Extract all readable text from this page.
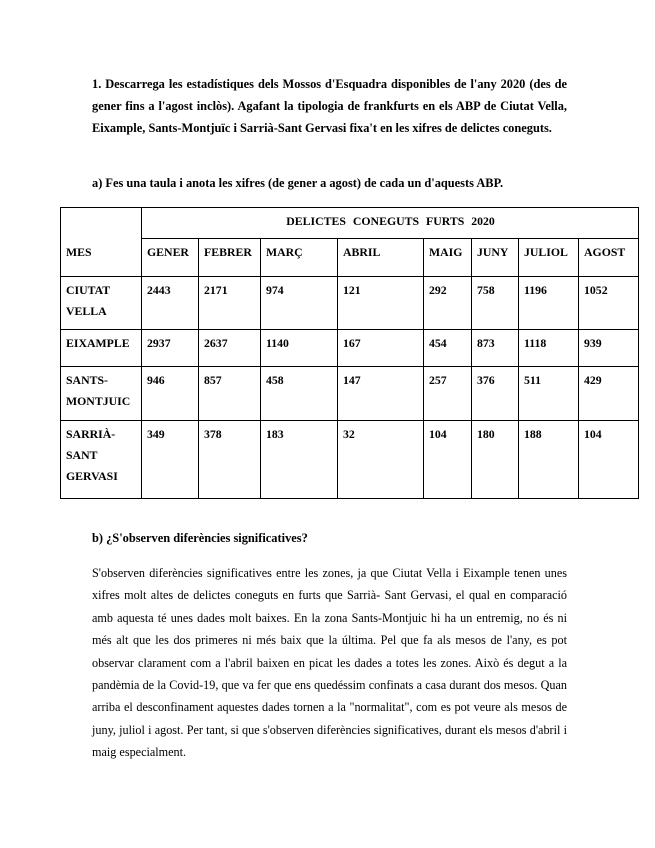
1. Descarrega les estadístiques dels Mossos d'Esquadra disponibles de l'any 2020 (des de gener fins a l'agost inclòs). Agafant la tipologia de frankfurts en els ABP de Ciutat Vella, Eixample, Sants-Montjuïc i Sarrià-Sant Gervasi fixa't en les xifres de delictes coneguts.
a) Fes una taula i anota les xifres (de gener a agost) de cada un d'aquests ABP.
	DELICTES CONEGUTS FURTS 2020							
MES	GENER	FEBRER	MARÇ	ABRIL	MAIG	JUNY	JULIOL	AGOST
CIUTAT VELLA	2443	2171	974	121	292	758	1196	1052
EIXAMPLE	2937	2637	1140	167	454	873	1118	939
SANTS-MONTJUIC	946	857	458	147	257	376	511	429
SARRIÀ-SANT GERVASI	349	378	183	32	104	180	188	104
b) ¿S'observen diferències significatives?
S'observen diferències significatives entre les zones, ja que Ciutat Vella i Eixample tenen unes xifres molt altes de delictes coneguts en furts que Sarrià- Sant Gervasi, el qual en comparació amb aquesta té unes dades molt baixes. En la zona Sants-Montjuic hi ha un entremig, no és ni més alt que les dos primeres ni més baix que la última. Pel que fa als mesos de l'any, es pot observar clarament com a l'abril baixen en picat les dades a totes les zones. Això és degut a la pandèmia de la Covid-19, que va fer que ens quedéssim confinats a casa durant dos mesos. Quan arriba el desconfinament aquestes dades tornen a la "normalitat", com es pot veure als mesos de juny, juliol i agost. Per tant, si que s'observen diferències significatives, durant els mesos d'abril i maig especialment.
